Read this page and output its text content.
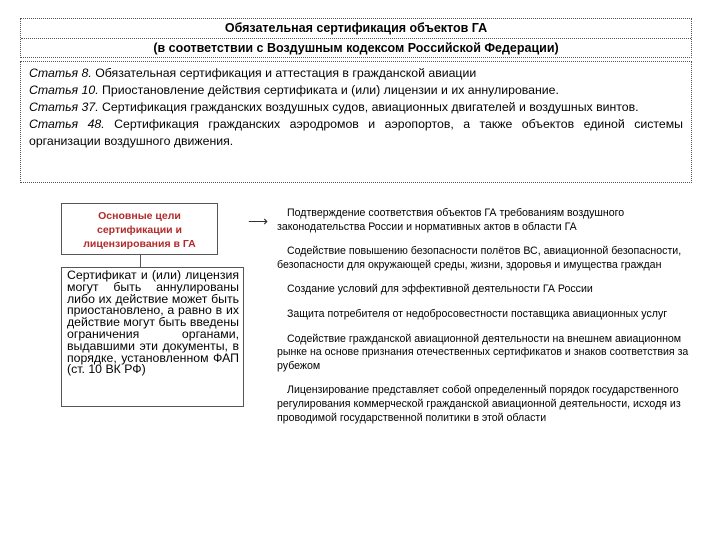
Обязательная сертификация объектов ГА
(в соответствии с Воздушным кодексом Российской Федерации)
Статья 8. Обязательная сертификация и аттестация в гражданской авиации
Статья 10. Приостановление действия сертификата и (или) лицензии и их аннулирование.
Статья 37. Сертификация гражданских воздушных судов, авиационных двигателей и воздушных винтов.
Статья 48. Сертификация гражданских аэродромов и аэропортов, а также объектов единой системы организации воздушного движения.
Основные цели сертификации и лицензирования в ГА
Сертификат и (или) лицензия могут быть аннулированы либо их действие может быть приостановлено, а равно в их действие могут быть введены ограничения органами, выдавшими эти документы, в порядке, установленном ФАП (ст. 10 ВК РФ)
⟶	Подтверждение соответствия объектов ГА требованиям воздушного законодательства России и нормативных актов в области ГА
Содействие повышению безопасности полётов ВС, авиационной безопасности, безопасности для окружающей среды, жизни, здоровья и имущества граждан
Создание условий для эффективной деятельности ГА России
Защита потребителя от недобросовестности поставщика авиационных услуг
Содействие гражданской авиационной деятельности на внешнем авиационном рынке на основе признания отечественных сертификатов и знаков соответствия за рубежом
Лицензирование представляет собой определенный порядок государственного регулирования коммерческой гражданской авиационной деятельности, исходя из проводимой государственной политики в этой области
